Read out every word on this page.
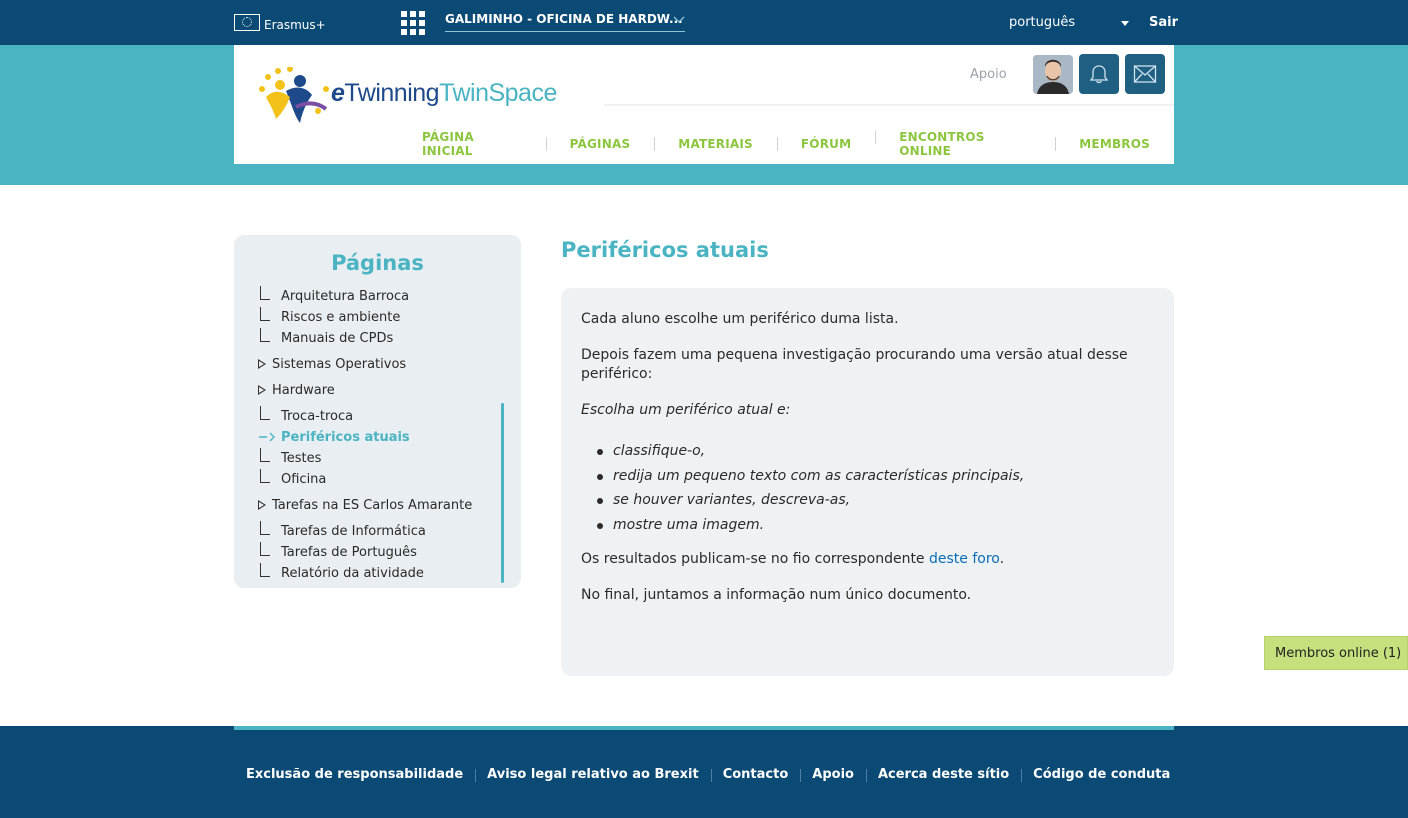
Erasmus+	GALIMINHO - OFICINA DE HARDW...	português	Sair
eTwinningTwinSpace
Apoio
PÁGINA INICIAL	PÁGINAS	MATERIAIS	FÓRUM	ENCONTROS ONLINE	MEMBROS
Páginas
Arquitetura Barroca
Riscos e ambiente
Manuais de CPDs
Sistemas Operativos
Hardware
Troca-troca
Periféricos atuais
Testes
Oficina
Tarefas na ES Carlos Amarante
Tarefas de Informática
Tarefas de Português
Relatório da atividade
Periféricos atuais

Cada aluno escolhe um periférico duma lista.

Depois fazem uma pequena investigação procurando uma versão atual desse periférico:

Escolha um periférico atual e:

classifique-o,
redija um pequeno texto com as características principais,
se houver variantes, descreva-as,
mostre uma imagem.

Os resultados publicam-se no fio correspondente deste foro.

No final, juntamos a informação num único documento.

Membros online (1)
Exclusão de responsabilidade	Aviso legal relativo ao Brexit	Contacto	Apoio	Acerca deste sítio	Código de conduta
